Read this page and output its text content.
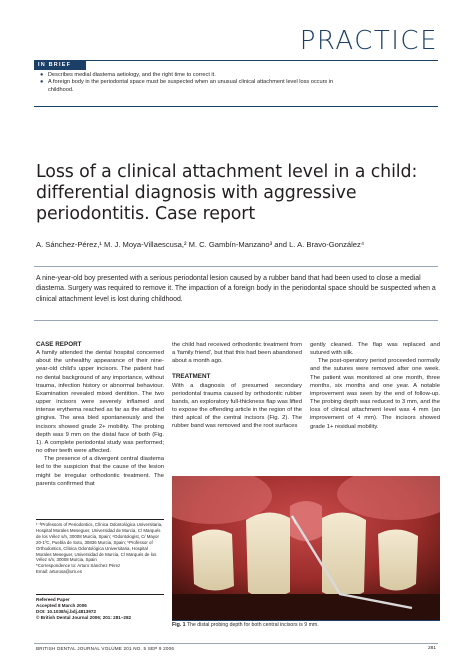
PRACTICE
IN BRIEF
● Describes medial diastema aetiology, and the right time to correct it.
● A foreign body in the periodontal space must be suspected when an unusual clinical attachment level loss occurs in childhood.
Loss of a clinical attachment level in a child: differential diagnosis with aggressive periodontitis. Case report
A. Sánchez-Pérez,¹ M. J. Moya-Villaescusa,² M. C. Gambín-Manzano³ and L. A. Bravo-González⁴
A nine-year-old boy presented with a serious periodontal lesion caused by a rubber band that had been used to close a medial diastema. Surgery was required to remove it. The impaction of a foreign body in the periodontal space should be suspected when a clinical attachment level is lost during childhood.
CASE REPORT

A family attended the dental hospital concerned about the unhealthy appearance of their nine-year-old child's upper incisors. The patient had no dental background of any importance, without trauma, infection history or abnormal behaviour. Examination revealed mixed dentition. The two upper incisors were severely inflamed and intense erythema reached as far as the attached gingiva. The area bled spontaneously and the incisors showed grade 2+ mobility. The probing depth was 9 mm on the distal face of both (Fig. 1). A complete periodontal study was performed; no other teeth were affected.

The presence of a divergent central diastema led to the suspicion that the cause of the lesion might be irregular orthodontic treatment. The parents confirmed that

¹⁻³Professors of Periodontics, Clínica Odontológica Universitaria, Hospital Morales Meseguer, Universidad de Murcia, C/ Marqués de los Vélez s/n, 30008 Murcia, Spain; ⁴Odontologist, C/ Mayor 20-1ºC, Puebla de Soto, 30836 Murcia, Spain; ⁵Professor of Orthodontics, Clínica Odontológica Universitaria, Hospital Morales Meseguer, Universidad de Murcia, C/ Marqués de los Vélez s/n, 30008 Murcia, Spain
*Correspondence to: Arturo Sánchez Pérez
Email: arturosa@um.es
Refereed Paper
Accepted 8 March 2006
DOI: 10.1038/sj.bdj.4813972
© British Dental Journal 2006; 201: 281–282

the child had received orthodontic treatment from a 'family friend', but that this had been abandoned about a month ago.

TREATMENT

With a diagnosis of presumed secondary periodontal trauma caused by orthodontic rubber bands, an exploratory full-thickness flap was lifted to expose the offending article in the region of the third apical of the central incisors (Fig. 2). The rubber band was removed and the root surfaces

gently cleaned. The flap was replaced and sutured with silk.

The post-operatory period proceeded normally and the sutures were removed after one week. The patient was monitored at one month, three months, six months and one year. A notable improvement was seen by the end of follow-up. The probing depth was reduced to 3 mm, and the loss of clinical attachment level was 4 mm (an improvement of 4 mm). The incisors showed grade 1+ residual mobility.

Fig. 1 The distal probing depth for both central incisors is 9 mm.
BRITISH DENTAL JOURNAL VOLUME 201 NO. 5 SEP 9 2006	281
